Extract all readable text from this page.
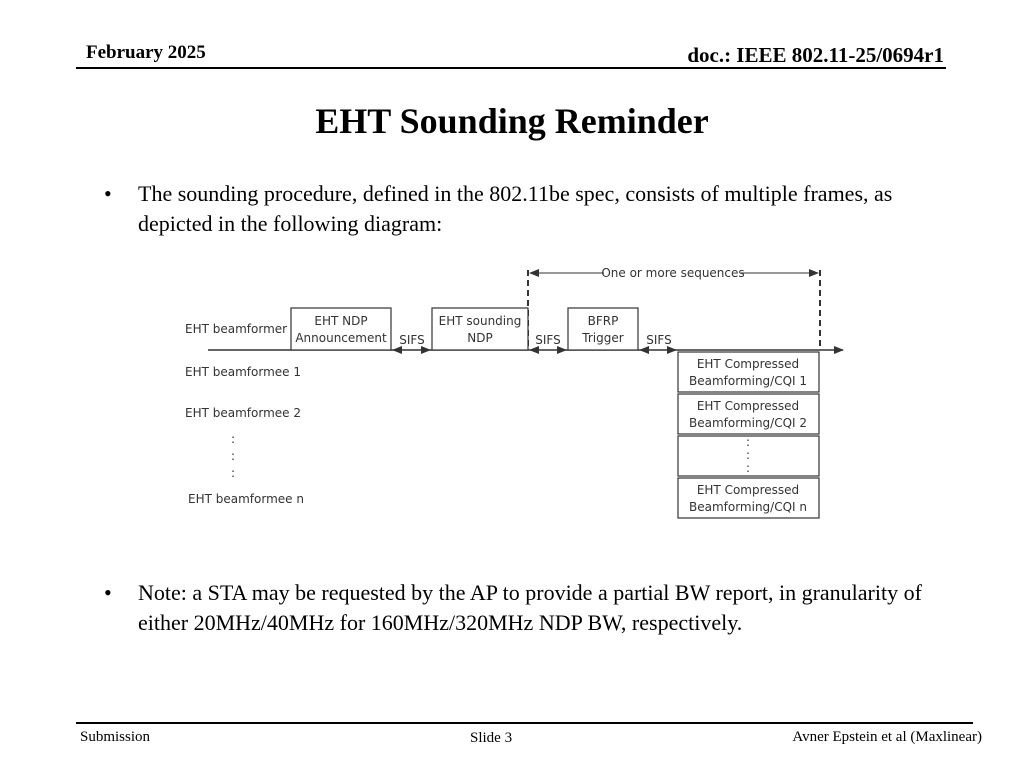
February 2025	doc.: IEEE 802.11-25/0694r1
EHT Sounding Reminder
•	The sounding procedure, defined in the 802.11be spec, consists of multiple frames, as depicted in the following diagram:
One or more sequences
EHT beamformer
EHT beamformee 1
EHT beamformee 2
:
:
:
EHT beamformee n
EHT NDP
Announcement
EHT sounding
NDP
BFRP
Trigger
SIFS	SIFS	SIFS
EHT Compressed
Beamforming/CQI 1
EHT Compressed
Beamforming/CQI 2
:
:
:
EHT Compressed
Beamforming/CQI n
•	Note: a STA may be requested by the AP to provide a partial BW report, in granularity of either 20MHz/40MHz for 160MHz/320MHz NDP BW, respectively.
Submission	Slide 3	Avner Epstein et al (Maxlinear)
